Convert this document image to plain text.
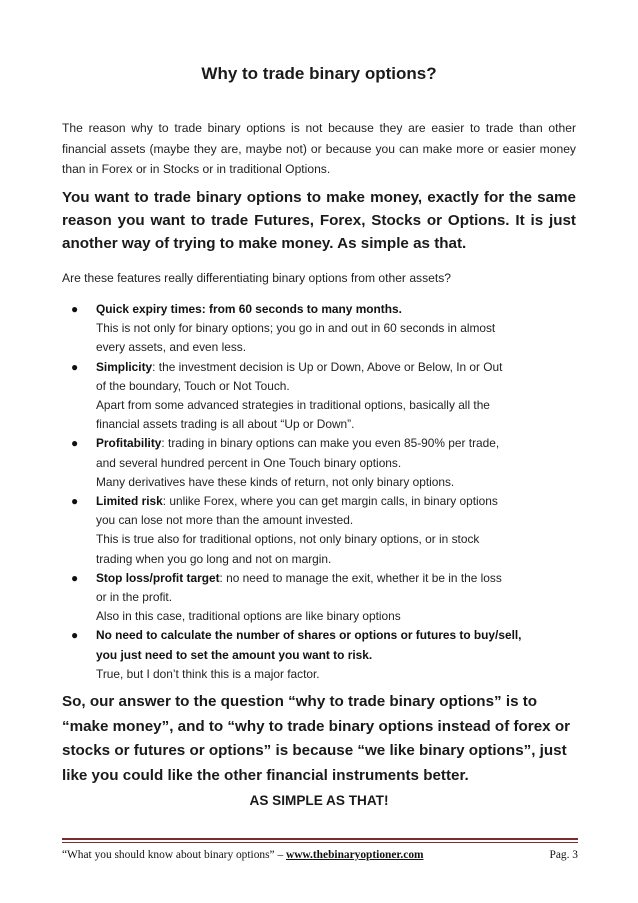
Why to trade binary options?
The reason why to trade binary options is not because they are easier to trade than other financial assets (maybe they are, maybe not) or because you can make more or easier money than in Forex or in Stocks or in traditional Options.
You want to trade binary options to make money, exactly for the same reason you want to trade Futures, Forex, Stocks or Options. It is just another way of trying to make money. As simple as that.
Are these features really differentiating binary options from other assets?
● Quick expiry times: from 60 seconds to many months.
This is not only for binary options; you go in and out in 60 seconds in almost
every assets, and even less.
● Simplicity: the investment decision is Up or Down, Above or Below, In or Out
of the boundary, Touch or Not Touch.
Apart from some advanced strategies in traditional options, basically all the
financial assets trading is all about “Up or Down”.
● Profitability: trading in binary options can make you even 85-90% per trade,
and several hundred percent in One Touch binary options.
Many derivatives have these kinds of return, not only binary options.
● Limited risk: unlike Forex, where you can get margin calls, in binary options
you can lose not more than the amount invested.
This is true also for traditional options, not only binary options, or in stock
trading when you go long and not on margin.
● Stop loss/profit target: no need to manage the exit, whether it be in the loss
or in the profit.
Also in this case, traditional options are like binary options
● No need to calculate the number of shares or options or futures to buy/sell,
you just need to set the amount you want to risk.
True, but I don’t think this is a major factor.
So, our answer to the question “why to trade binary options” is to
“make money”, and to “why to trade binary options instead of forex or
stocks or futures or options” is because “we like binary options”, just
like you could like the other financial instruments better.
AS SIMPLE AS THAT!
“What you should know about binary options” – www.thebinaryoptioner.com	Pag. 3
